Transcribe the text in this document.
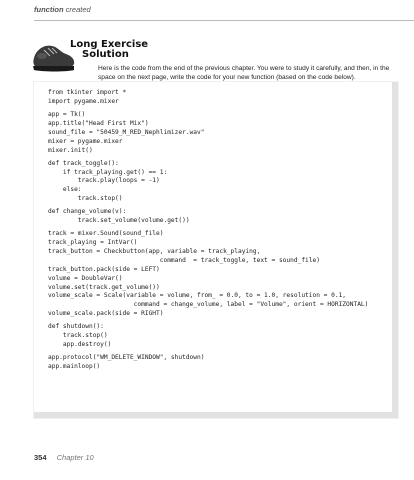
function created
Long Exercise
Solution
Here is the code from the end of the previous chapter. You were to study it carefully, and then, in the space on the next page, write the code for your new function (based on the code below).
from tkinter import *
import pygame.mixer
app = Tk()
app.title("Head First Mix")
sound_file = "50459_M_RED_Nephlimizer.wav"
mixer = pygame.mixer
mixer.init()
def track_toggle():
if track_playing.get() == 1:
track.play(loops = -1)
else:
track.stop()
def change_volume(v):
track.set_volume(volume.get())
track = mixer.Sound(sound_file)
track_playing = IntVar()
track_button = Checkbutton(app, variable = track_playing,
command  = track_toggle, text = sound_file)
track_button.pack(side = LEFT)
volume = DoubleVar()
volume.set(track.get_volume())
volume_scale = Scale(variable = volume, from_ = 0.0, to = 1.0, resolution = 0.1,
command = change_volume, label = "Volume", orient = HORIZONTAL)
volume_scale.pack(side = RIGHT)
def shutdown():
track.stop()
app.destroy()
app.protocol("WM_DELETE_WINDOW", shutdown)
app.mainloop()
354 Chapter 10
